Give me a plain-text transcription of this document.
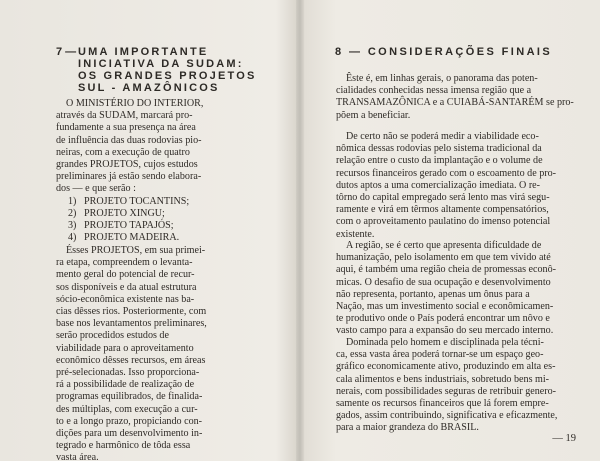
7 — UMA IMPORTANTE
INICIATIVA DA SUDAM:
OS GRANDES PROJETOS
SUL - AMAZÔNICOS
O MINISTÉRIO DO INTERIOR,
através da SUDAM, marcará pro-
fundamente a sua presença na área
de influência das duas rodovias pio-
neiras, com a execução de quatro
grandes PROJETOS, cujos estudos
preliminares já estão sendo elabora-
dos — e que serão :
1) PROJETO TOCANTINS;
2) PROJETO XINGU;
3) PROJETO TAPAJÓS;
4) PROJETO MADEIRA.
Ésses PROJETOS, em sua primei-
ra etapa, compreendem o levanta-
mento geral do potencial de recur-
sos disponíveis e da atual estrutura
sócio-econômica existente nas ba-
cias dêsses rios. Posteriormente, com
base nos levantamentos preliminares,
serão procedidos estudos de
viabilidade para o aproveitamento
econômico dêsses recursos, em áreas
pré-selecionadas. Isso proporciona-
rá a possibilidade de realização de
programas equilibrados, de finalida-
des múltiplas, com execução a cur-
to e a longo prazo, propiciando con-
dições para um desenvolvimento in-
tegrado e harmônico de tôda essa
vasta área.
8 — CONSIDERAÇÕES FINAIS
Êste é, em linhas gerais, o panorama das poten-
cialidades conhecidas nessa imensa região que a
TRANSAMAZÔNICA e a CUIABÁ-SANTARÉM se pro-
põem a beneficiar.
De certo não se poderá medir a viabilidade eco-
nômica dessas rodovias pelo sistema tradicional da
relação entre o custo da implantação e o volume de
recursos financeiros gerado com o escoamento de pro-
dutos aptos a uma comercialização imediata. O re-
tôrno do capital empregado será lento mas virá segu-
ramente e virá em têrmos altamente compensatórios,
com o aproveitamento paulatino do imenso potencial
existente.
A região, se é certo que apresenta dificuldade de
humanização, pelo isolamento em que tem vivido até
aqui, é também uma região cheia de promessas econô-
micas. O desafio de sua ocupação e desenvolvimento
não representa, portanto, apenas um ônus para a
Nação, mas um investimento social e econômicamen-
te produtivo onde o País poderá encontrar um nôvo e
vasto campo para a expansão do seu mercado interno.
Dominada pelo homem e disciplinada pela técni-
ca, essa vasta área poderá tornar-se um espaço geo-
gráfico economicamente ativo, produzindo em alta es-
cala alimentos e bens industriais, sobretudo bens mi-
nerais, com possibilidades seguras de retribuir genero-
samente os recursos financeiros que lá forem empre-
gados, assim contribuindo, significativa e eficazmente,
para a maior grandeza do BRASIL.

— 19
